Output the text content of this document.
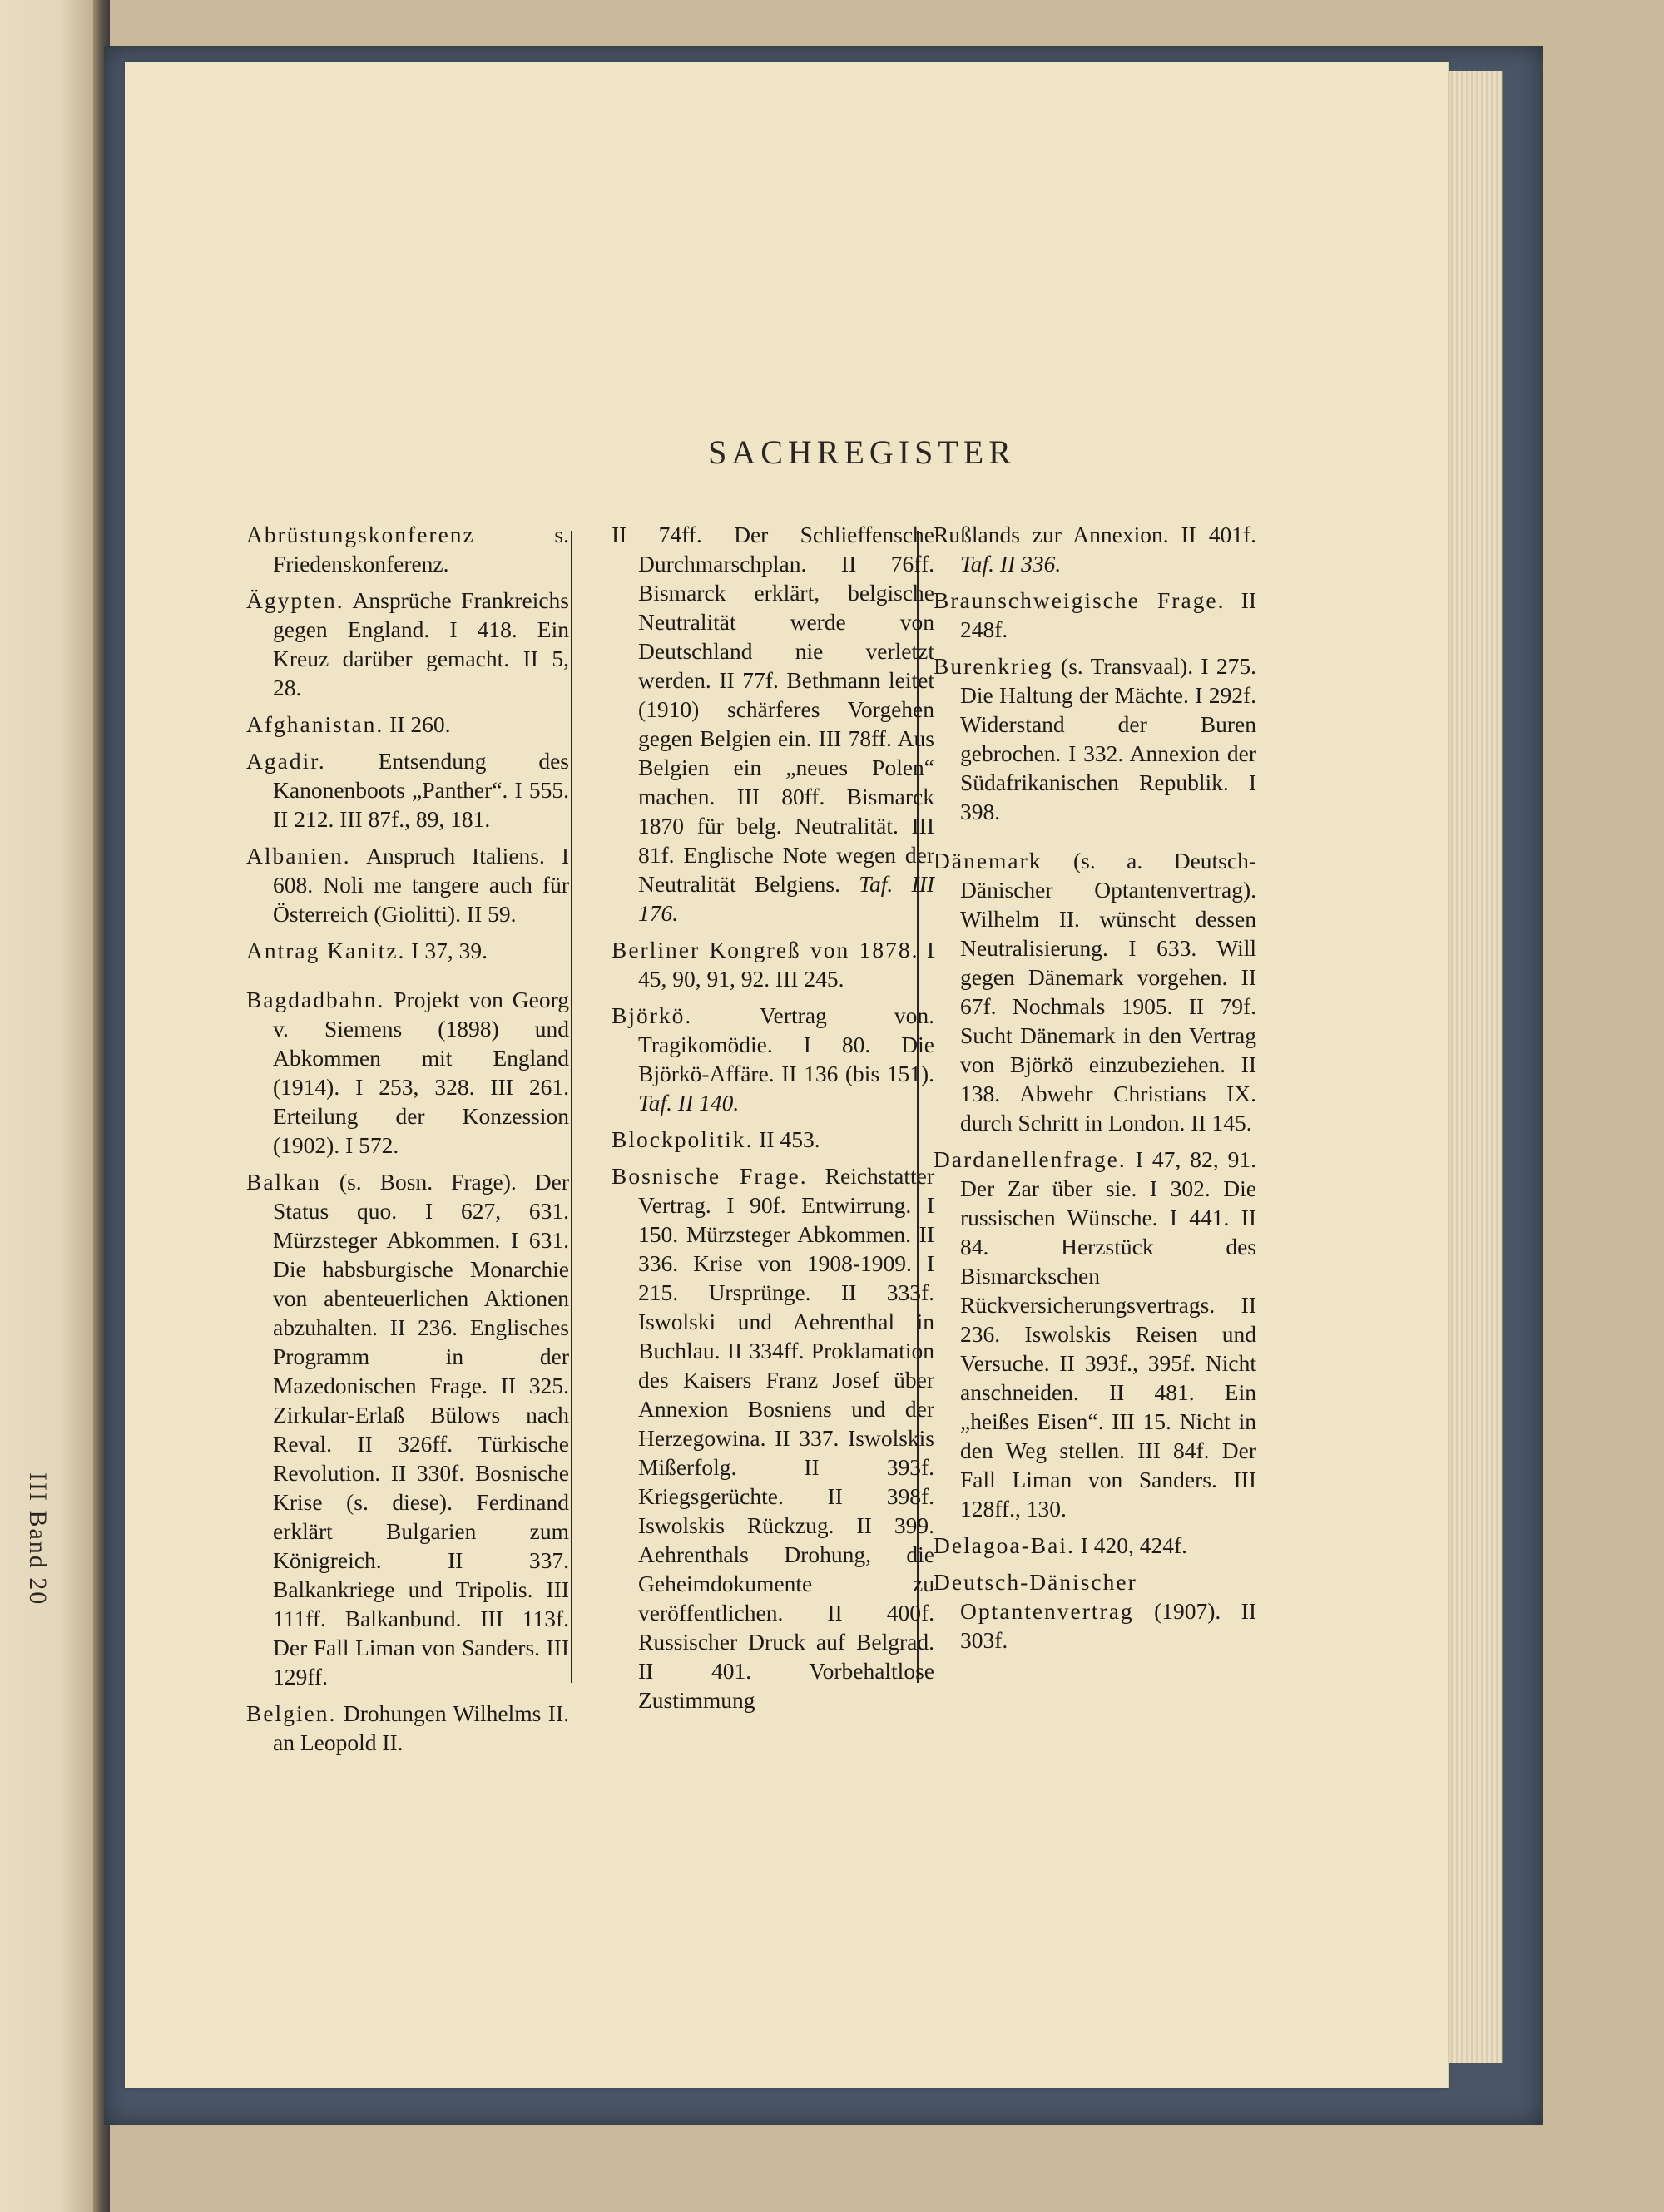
III Band 20
SACHREGISTER
Abrüstungskonferenz s. Friedenskonferenz.
Ägypten. Ansprüche Frankreichs gegen England. I 418. Ein Kreuz darüber gemacht. II 5, 28.
Afghanistan. II 260.
Agadir. Entsendung des Kanonenboots „Panther“. I 555. II 212. III 87f., 89, 181.
Albanien. Anspruch Italiens. I 608. Noli me tangere auch für Österreich (Giolitti). II 59.
Antrag Kanitz. I 37, 39.
Bagdadbahn. Projekt von Georg v. Siemens (1898) und Abkommen mit England (1914). I 253, 328. III 261. Erteilung der Konzession (1902). I 572.
Balkan (s. Bosn. Frage). Der Status quo. I 627, 631. Mürzsteger Abkommen. I 631. Die habsburgische Monarchie von abenteuerlichen Aktionen abzuhalten. II 236. Englisches Programm in der Mazedonischen Frage. II 325. Zirkular-Erlaß Bülows nach Reval. II 326ff. Türkische Revolution. II 330f. Bosnische Krise (s. diese). Ferdinand erklärt Bulgarien zum Königreich. II 337. Balkankriege und Tripolis. III 111ff. Balkanbund. III 113f. Der Fall Liman von Sanders. III 129ff.
Belgien. Drohungen Wilhelms II. an Leopold II.
II 74ff. Der Schlieffensche Durchmarschplan. II 76ff. Bismarck erklärt, belgische Neutralität werde von Deutschland nie verletzt werden. II 77f. Bethmann leitet (1910) schärferes Vorgehen gegen Belgien ein. III 78ff. Aus Belgien ein „neues Polen“ machen. III 80ff. Bismarck 1870 für belg. Neutralität. III 81f. Englische Note wegen der Neutralität Belgiens. Taf. III 176.
Berliner Kongreß von 1878. I 45, 90, 91, 92. III 245.
Björkö. Vertrag von. Tragikomödie. I 80. Die Björkö-Affäre. II 136 (bis 151). Taf. II 140.
Blockpolitik. II 453.
Bosnische Frage. Reichstatter Vertrag. I 90f. Entwirrung. I 150. Mürzsteger Abkommen. II 336. Krise von 1908-1909. I 215. Ursprünge. II 333f. Iswolski und Aehrenthal in Buchlau. II 334ff. Proklamation des Kaisers Franz Josef über Annexion Bosniens und der Herzegowina. II 337. Iswolskis Mißerfolg. II 393f. Kriegsgerüchte. II 398f. Iswolskis Rückzug. II 399. Aehrenthals Drohung, die Geheimdokumente zu veröffentlichen. II 400f. Russischer Druck auf Belgrad. II 401. Vorbehaltlose Zustimmung
Rußlands zur Annexion. II 401f. Taf. II 336.
Braunschweigische Frage. II 248f.
Burenkrieg (s. Transvaal). I 275. Die Haltung der Mächte. I 292f. Widerstand der Buren gebrochen. I 332. Annexion der Südafrikanischen Republik. I 398.
Dänemark (s. a. Deutsch-Dänischer Optantenvertrag). Wilhelm II. wünscht dessen Neutralisierung. I 633. Will gegen Dänemark vorgehen. II 67f. Nochmals 1905. II 79f. Sucht Dänemark in den Vertrag von Björkö einzubeziehen. II 138. Abwehr Christians IX. durch Schritt in London. II 145.
Dardanellenfrage. I 47, 82, 91. Der Zar über sie. I 302. Die russischen Wünsche. I 441. II 84. Herzstück des Bismarckschen Rückversicherungsvertrags. II 236. Iswolskis Reisen und Versuche. II 393f., 395f. Nicht anschneiden. II 481. Ein „heißes Eisen“. III 15. Nicht in den Weg stellen. III 84f. Der Fall Liman von Sanders. III 128ff., 130.
Delagoa-Bai. I 420, 424f.
Deutsch-Dänischer Optantenvertrag (1907). II 303f.
